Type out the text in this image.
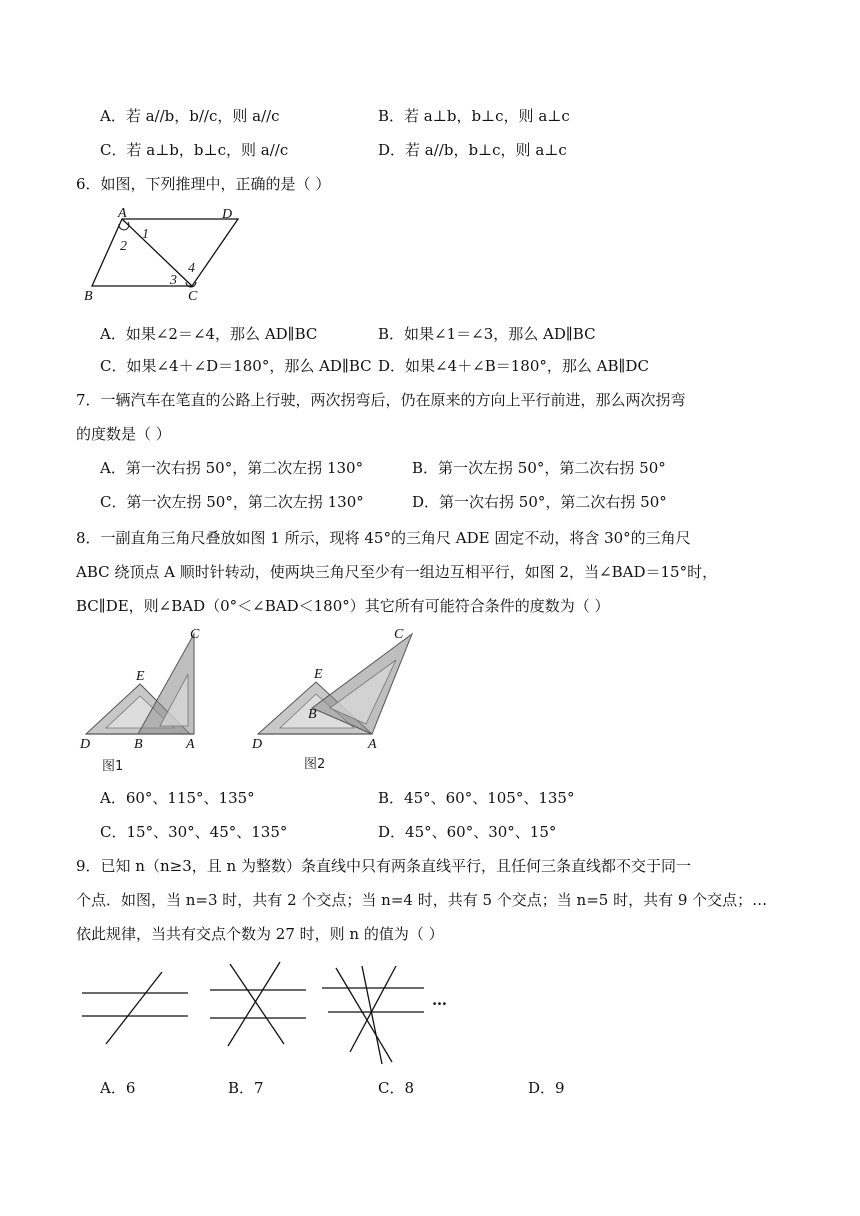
A．若 a//b，b//c，则 a//c	B．若 a⊥b，b⊥c，则 a⊥c
C．若 a⊥b，b⊥c，则 a//c	D．若 a//b，b⊥c，则 a⊥c
6．如图，下列推理中，正确的是（ ）
A	D
B	C
1
2
3
4
A．如果∠2＝∠4，那么 AD∥BC	B．如果∠1＝∠3，那么 AD∥BC
C．如果∠4＋∠D＝180°，那么 AD∥BC D．如果∠4＋∠B＝180°，那么 AB∥DC
7．一辆汽车在笔直的公路上行驶，两次拐弯后，仍在原来的方向上平行前进，那么两次拐弯
的度数是（ ）
A．第一次右拐 50°，第二次左拐 130°	B．第一次左拐 50°，第二次右拐 50°
C．第一次左拐 50°，第二次左拐 130°	D．第一次右拐 50°，第二次右拐 50°
8．一副直角三角尺叠放如图 1 所示，现将 45°的三角尺 ADE 固定不动，将含 30°的三角尺
ABC 绕顶点 A 顺时针转动，使两块三角尺至少有一组边互相平行，如图 2，当∠BAD＝15°时，
BC∥DE，则∠BAD（0°＜∠BAD＜180°）其它所有可能符合条件的度数为（ ）
C
E
D	B	A
图1
C
E
D
B
A
图2
A．60°、115°、135°	B．45°、60°、105°、135°
C．15°、30°、45°、135°	D．45°、60°、30°、15°
9．已知 n（n≥3，且 n 为整数）条直线中只有两条直线平行，且任何三条直线都不交于同一
个点．如图，当 n=3 时，共有 2 个交点；当 n=4 时，共有 5 个交点；当 n=5 时，共有 9 个交点；…
依此规律，当共有交点个数为 27 时，则 n 的值为（ ）
…
A．6	B．7	C．8	D．9
